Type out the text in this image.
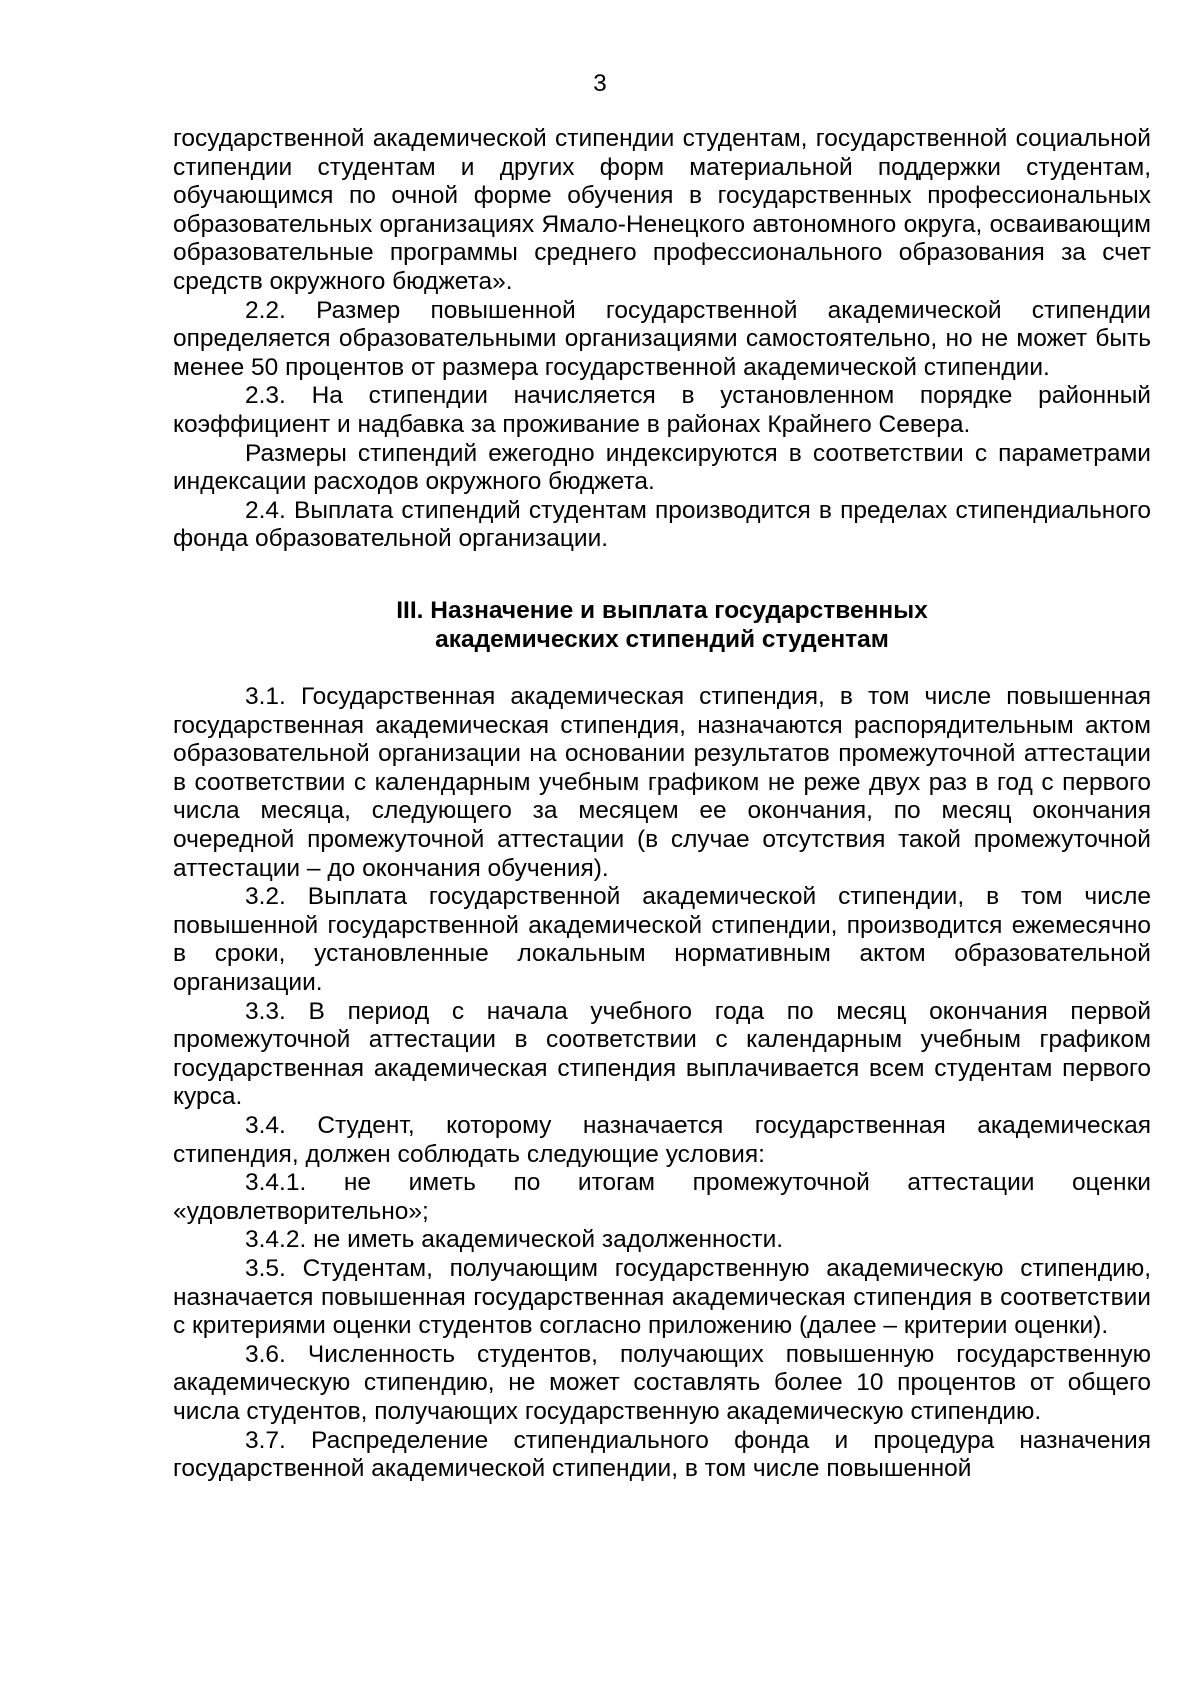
3

государственной академической стипендии студентам, государственной социальной стипендии студентам и других форм материальной поддержки студентам, обучающимся по очной форме обучения в государственных профессиональных образовательных организациях Ямало-Ненецкого автономного округа, осваивающим образовательные программы среднего профессионального образования за счет средств окружного бюджета».

2.2. Размер повышенной государственной академической стипендии определяется образовательными организациями самостоятельно, но не может быть менее 50 процентов от размера государственной академической стипендии.

2.3. На стипендии начисляется в установленном порядке районный коэффициент и надбавка за проживание в районах Крайнего Севера.

Размеры стипендий ежегодно индексируются в соответствии с параметрами индексации расходов окружного бюджета.

2.4. Выплата стипендий студентам производится в пределах стипендиального фонда образовательной организации.

III. Назначение и выплата государственных
академических стипендий студентам

3.1. Государственная академическая стипендия, в том числе повышенная государственная академическая стипендия, назначаются распорядительным актом образовательной организации на основании результатов промежуточной аттестации в соответствии с календарным учебным графиком не реже двух раз в год с первого числа месяца, следующего за месяцем ее окончания, по месяц окончания очередной промежуточной аттестации (в случае отсутствия такой промежуточной аттестации – до окончания обучения).

3.2. Выплата государственной академической стипендии, в том числе повышенной государственной академической стипендии, производится ежемесячно в сроки, установленные локальным нормативным актом образовательной организации.

3.3. В период с начала учебного года по месяц окончания первой промежуточной аттестации в соответствии с календарным учебным графиком государственная академическая стипендия выплачивается всем студентам первого курса.

3.4. Студент, которому назначается государственная академическая стипендия, должен соблюдать следующие условия:

3.4.1. не иметь по итогам промежуточной аттестации оценки «удовлетворительно»;

3.4.2. не иметь академической задолженности.

3.5. Студентам, получающим государственную академическую стипендию, назначается повышенная государственная академическая стипендия в соответствии с критериями оценки студентов согласно приложению (далее – критерии оценки).

3.6. Численность студентов, получающих повышенную государственную академическую стипендию, не может составлять более 10 процентов от общего числа студентов, получающих государственную академическую стипендию.

3.7. Распределение стипендиального фонда и процедура назначения государственной академической стипендии, в том числе повышенной
